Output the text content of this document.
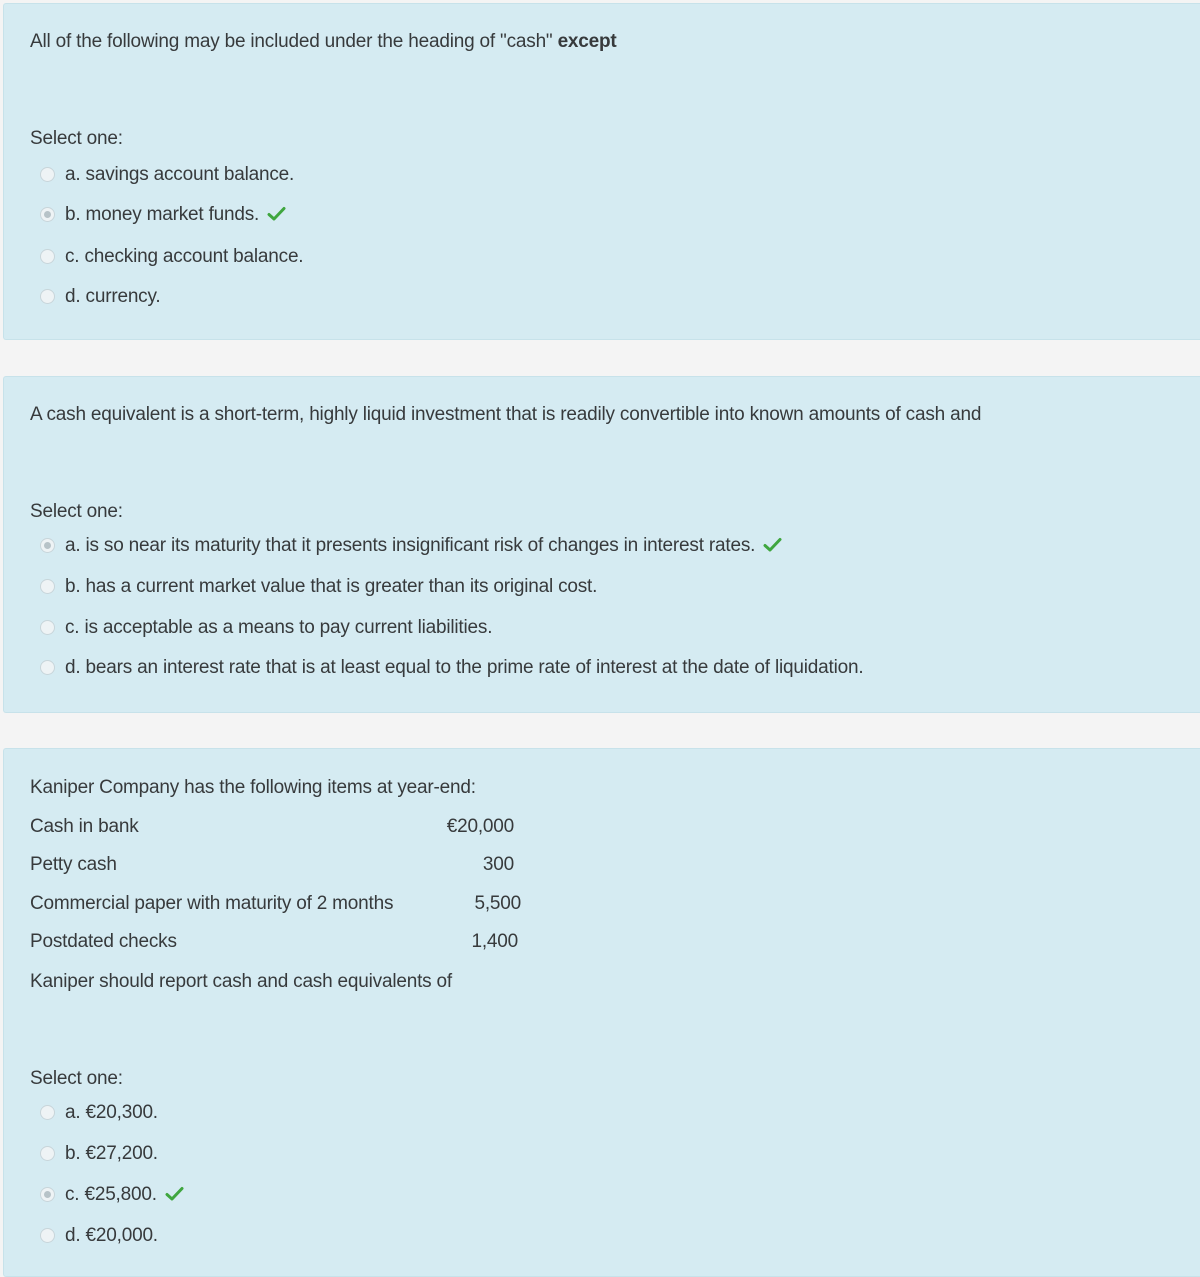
All of the following may be included under the heading of "cash" except
Select one:
a. savings account balance.
b. money market funds.
c. checking account balance.
d. currency.
A cash equivalent is a short-term, highly liquid investment that is readily convertible into known amounts of cash and
Select one:
a. is so near its maturity that it presents insignificant risk of changes in interest rates.
b. has a current market value that is greater than its original cost.
c. is acceptable as a means to pay current liabilities.
d. bears an interest rate that is at least equal to the prime rate of interest at the date of liquidation.
Kaniper Company has the following items at year-end:
Cash in bank	€20,000
Petty cash	300
Commercial paper with maturity of 2 months	5,500
Postdated checks	1,400
Kaniper should report cash and cash equivalents of
Select one:
a. €20,300.
b. €27,200.
c. €25,800.
d. €20,000.
